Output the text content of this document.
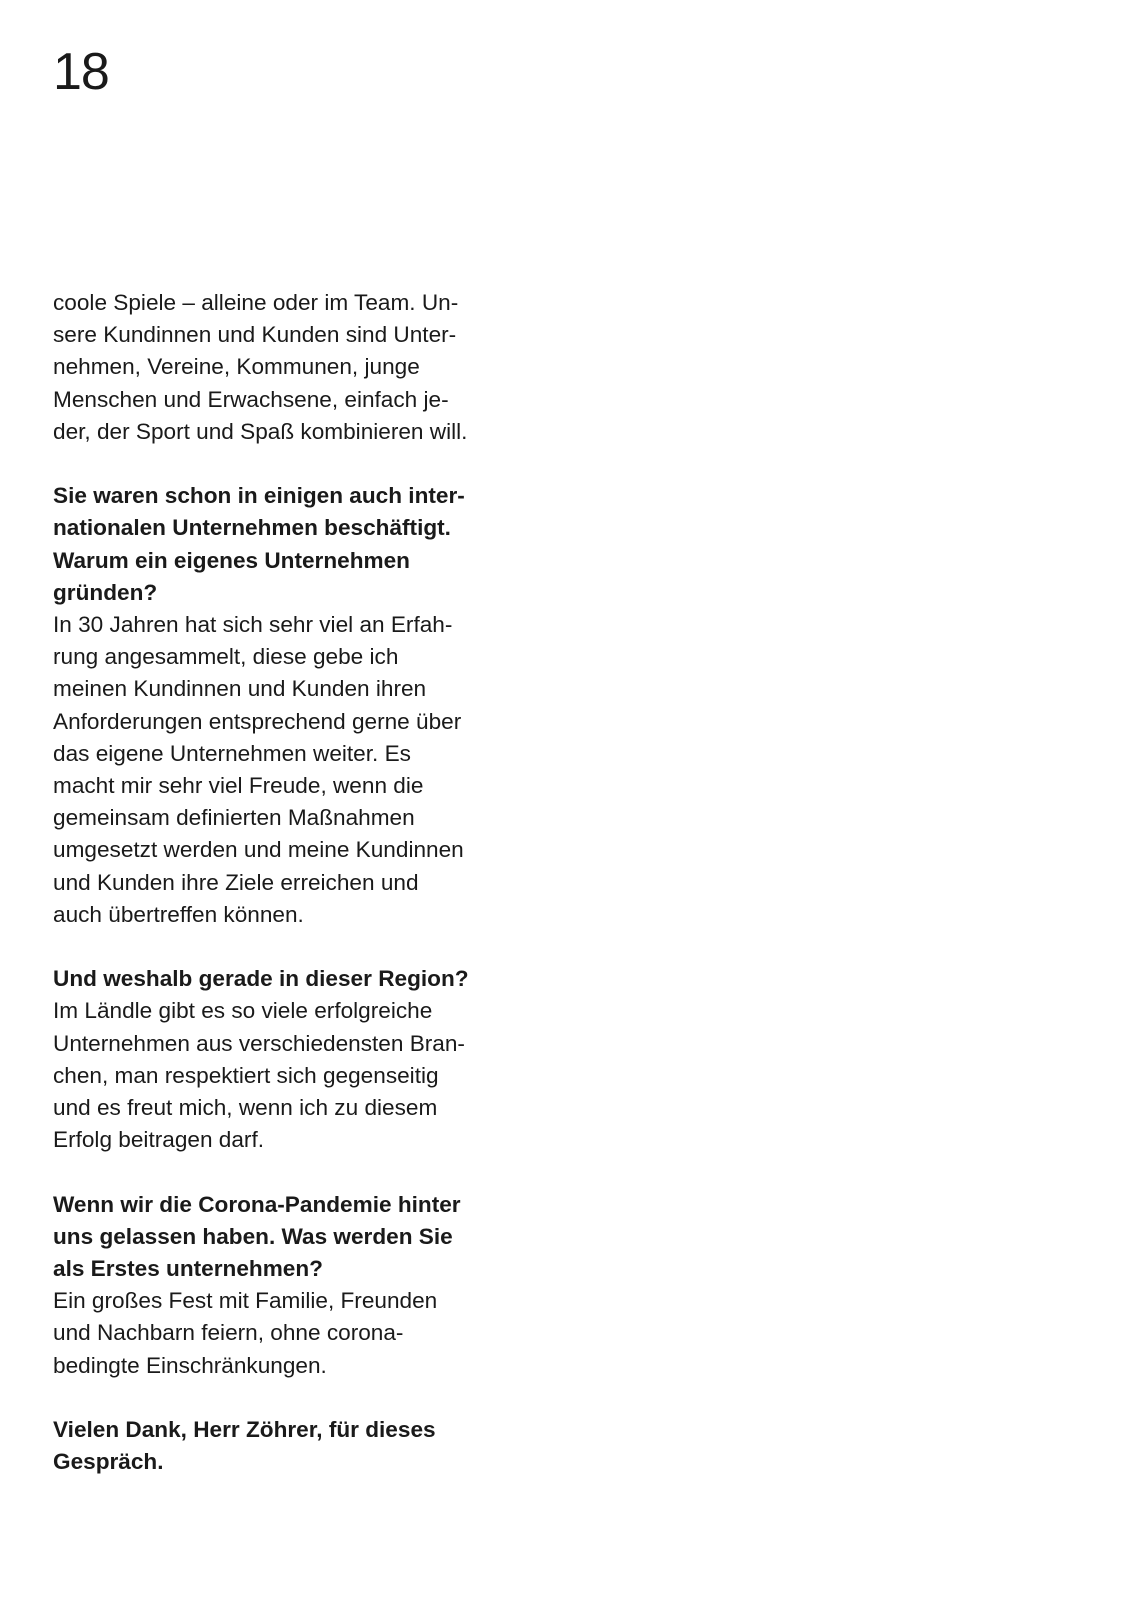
18
coole Spiele – alleine oder im Team. Un-
sere Kundinnen und Kunden sind Unter-
nehmen, Vereine, Kommunen, junge
Menschen und Erwachsene, einfach je-
der, der Sport und Spaß kombinieren will.
Sie waren schon in einigen auch inter-
nationalen Unternehmen beschäftigt.
Warum ein eigenes Unternehmen
gründen?
In 30 Jahren hat sich sehr viel an Erfah-
rung angesammelt, diese gebe ich
meinen Kundinnen und Kunden ihren
Anforderungen entsprechend gerne über
das eigene Unternehmen weiter. Es
macht mir sehr viel Freude, wenn die
gemeinsam definierten Maßnahmen
umgesetzt werden und meine Kundinnen
und Kunden ihre Ziele erreichen und
auch übertreffen können.
Und weshalb gerade in dieser Region?
Im Ländle gibt es so viele erfolgreiche
Unternehmen aus verschiedensten Bran-
chen, man respektiert sich gegenseitig
und es freut mich, wenn ich zu diesem
Erfolg beitragen darf.
Wenn wir die Corona-Pandemie hinter
uns gelassen haben. Was werden Sie
als Erstes unternehmen?
Ein großes Fest mit Familie, Freunden
und Nachbarn feiern, ohne corona-
bedingte Einschränkungen.
Vielen Dank, Herr Zöhrer, für dieses
Gespräch.
